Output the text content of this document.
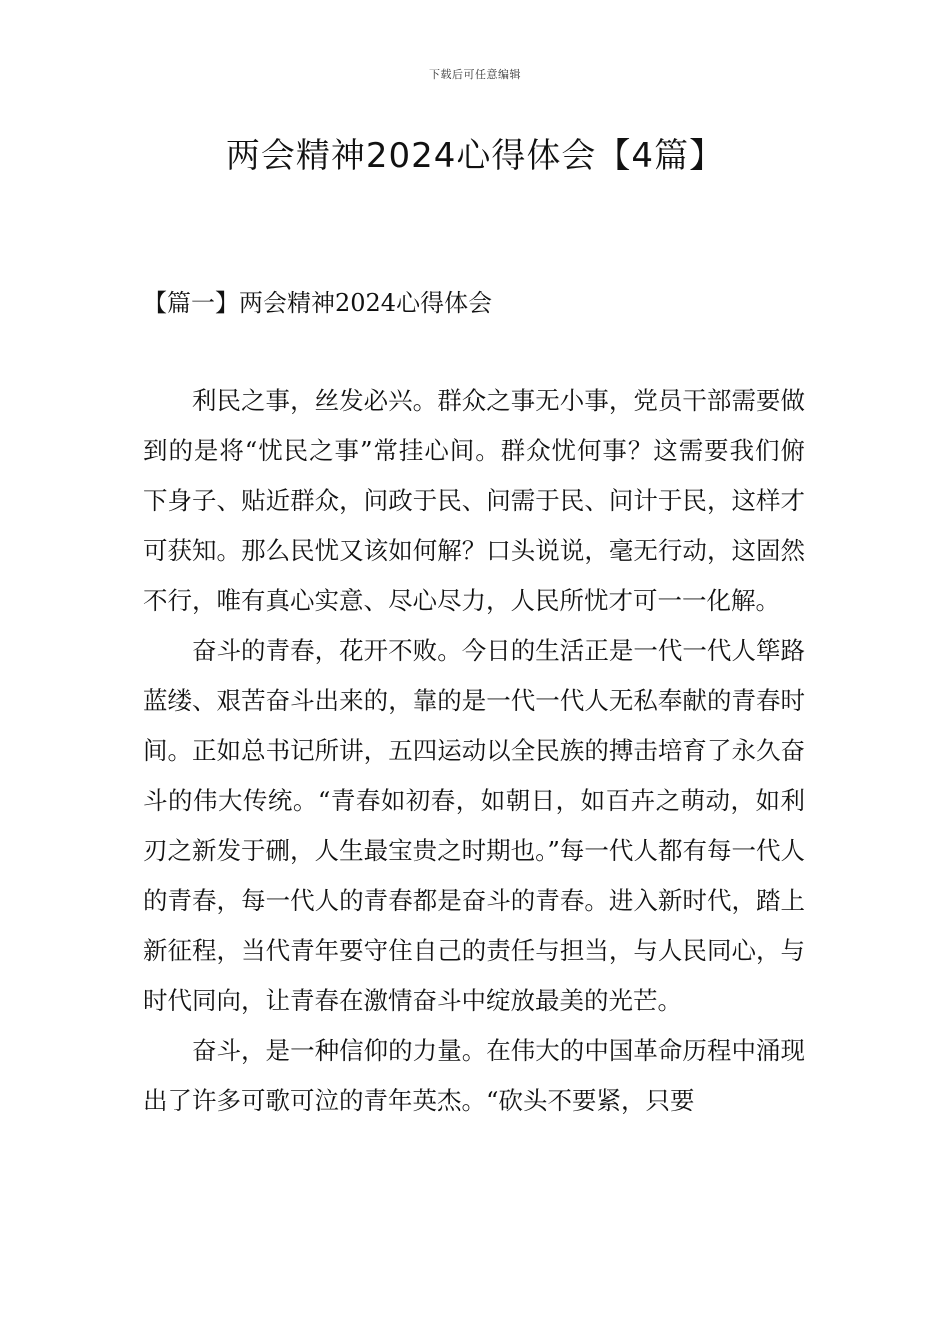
下载后可任意编辑
两会精神2024心得体会【4篇】
【篇一】两会精神2024心得体会

利民之事，丝发必兴。群众之事无小事，党员干部需要做到的是将“忧民之事”常挂心间。群众忧何事？这需要我们俯下身子、贴近群众，问政于民、问需于民、问计于民，这样才可获知。那么民忧又该如何解？口头说说，毫无行动，这固然不行，唯有真心实意、尽心尽力，人民所忧才可一一化解。

奋斗的青春，花开不败。今日的生活正是一代一代人筚路蓝缕、艰苦奋斗出来的，靠的是一代一代人无私奉献的青春时间。正如总书记所讲，五四运动以全民族的搏击培育了永久奋斗的伟大传统。“青春如初春，如朝日，如百卉之萌动，如利刃之新发于硎，人生最宝贵之时期也。”每一代人都有每一代人的青春，每一代人的青春都是奋斗的青春。进入新时代，踏上新征程，当代青年要守住自己的责任与担当，与人民同心，与时代同向，让青春在激情奋斗中绽放最美的光芒。

奋斗，是一种信仰的力量。在伟大的中国革命历程中涌现出了许多可歌可泣的青年英杰。“砍头不要紧，只要
